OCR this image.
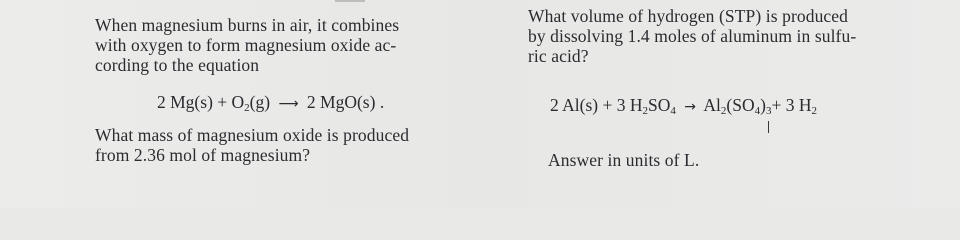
When magnesium burns in air, it combines
with oxygen to form magnesium oxide ac-
cording to the equation

2 $Mg(s) + O_2(g)$ ⟶ 2 MgO(s) .

What mass of magnesium oxide is produced
from 2.36 mol of magnesium?

What volume of hydrogen (STP) is produced
by dissolving 1.4 moles of aluminum in sulfu-
ric acid?

2 Al(s) + 3 $H_2SO_4 \to Al_2(SO_4)_3+ 3$ $H_2$

Answer in units of L.
